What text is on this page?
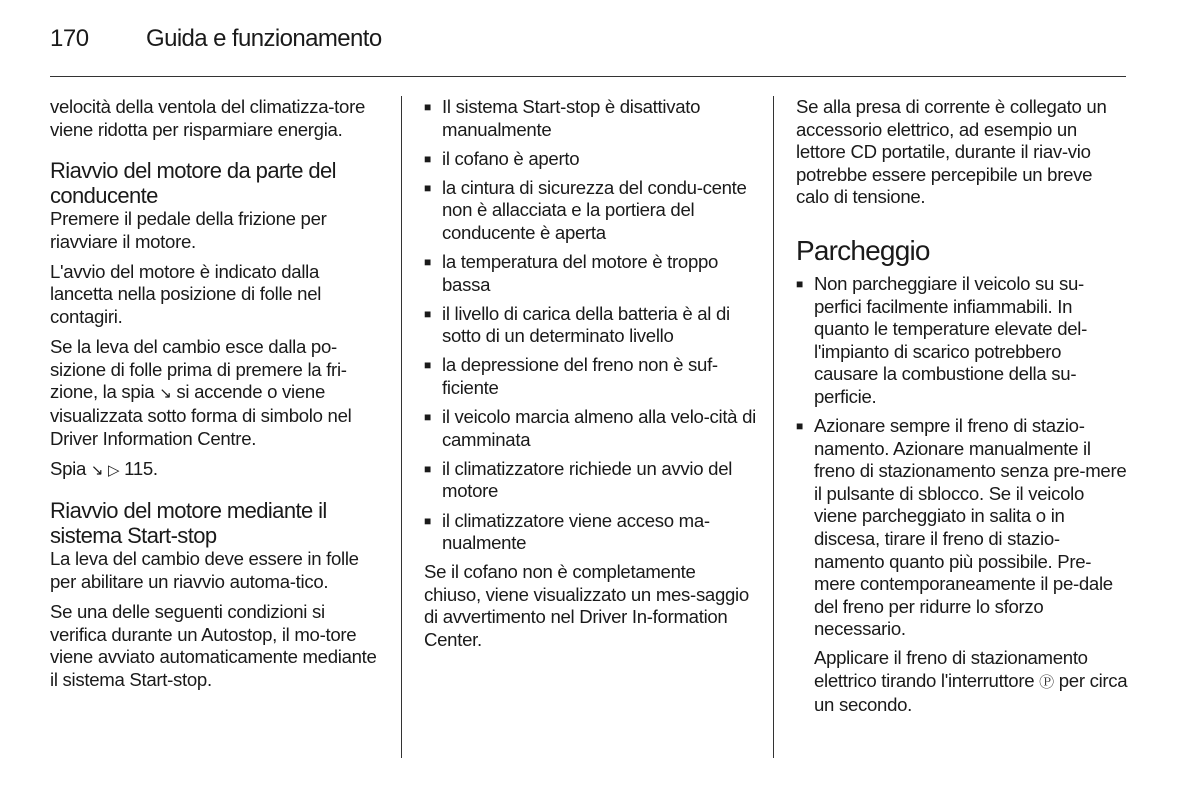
170 Guida e funzionamento

velocità della ventola del climatizza-tore viene ridotta per risparmiare energia.

Riavvio del motore da parte del conducente

Premere il pedale della frizione per riavviare il motore.

L'avvio del motore è indicato dalla lancetta nella posizione di folle nel contagiri.

Se la leva del cambio esce dalla po-sizione di folle prima di premere la fri-zione, la spia ↘︎ si accende o viene visualizzata sotto forma di simbolo nel Driver Information Centre.

Spia ↘︎ ▷ 115.

Riavvio del motore mediante il sistema Start-stop

La leva del cambio deve essere in folle per abilitare un riavvio automa-tico.

Se una delle seguenti condizioni si verifica durante un Autostop, il mo-tore viene avviato automaticamente mediante il sistema Start-stop.

■ Il sistema Start-stop è disattivato manualmente
■ il cofano è aperto
■ la cintura di sicurezza del condu-cente non è allacciata e la portiera del conducente è aperta
■ la temperatura del motore è troppo bassa
■ il livello di carica della batteria è al di sotto di un determinato livello
■ la depressione del freno non è suf-ficiente
■ il veicolo marcia almeno alla velo-cità di camminata
■ il climatizzatore richiede un avvio del motore
■ il climatizzatore viene acceso ma-nualmente

Se il cofano non è completamente chiuso, viene visualizzato un mes-saggio di avvertimento nel Driver In-formation Center.

Se alla presa di corrente è collegato un accessorio elettrico, ad esempio un lettore CD portatile, durante il riav-vio potrebbe essere percepibile un breve calo di tensione.

Parcheggio
■ Non parcheggiare il veicolo su su-perfici facilmente infiammabili. In quanto le temperature elevate del-l'impianto di scarico potrebbero causare la combustione della su-perficie.
■ Azionare sempre il freno di stazio-namento. Azionare manualmente il freno di stazionamento senza pre-mere il pulsante di sblocco. Se il veicolo viene parcheggiato in salita o in discesa, tirare il freno di stazio-namento quanto più possibile. Pre-mere contemporaneamente il pe-dale del freno per ridurre lo sforzo necessario.

Applicare il freno di stazionamento elettrico tirando l'interruttore Ⓟ per circa un secondo.
